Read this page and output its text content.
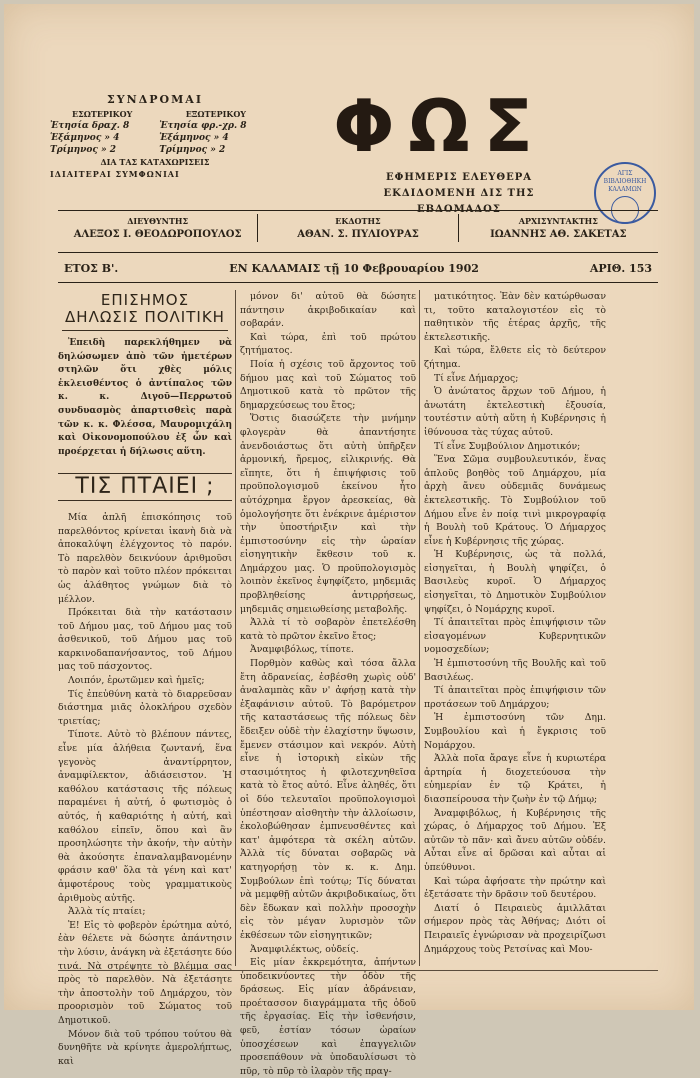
ΣΥΝΔΡΟΜΑΙ
ΕΣΩΤΕΡΙΚΟΥ	ΕΞΩΤΕΡΙΚΟΥ
Ἐτησία δραχ. 8	Ἐτησία φρ.-χρ. 8
Ἑξάμηνος » 4	Ἑξάμηνος » 4
Τρίμηνος » 2	Τρίμηνος » 2
ΔΙΑ ΤΑΣ ΚΑΤΑΧΩΡΙΣΕΙΣ
ΙΔΙΑΙΤΕΡΑΙ ΣΥΜΦΩΝΙΑΙ
ΦΩΣ
ΕΦΗΜΕΡΙΣ ΕΛΕΥΘΕΡΑ
ΕΚΔΙΔΟΜΕΝΗ ΔΙΣ ΤΗΣ ΕΒΔΟΜΑΔΟΣ
ΑΓΙΣ ΒΙΒΛΙΟΘΗΚΗ ΚΑΛΑΜΩΝ
ΔΙΕΥΘΥΝΤΗΣ
ΑΛΕΞΟΣ Ι. ΘΕΟΔΩΡΟΠΟΥΛΟΣ
ΕΚΔΟΤΗΣ
ΑΘΑΝ. Σ. ΠΥΛΙΟΥΡΑΣ
ΑΡΧΙΣΥΝΤΑΚΤΗΣ
ΙΩΑΝΝΗΣ ΑΘ. ΣΑΚΕΤΑΣ
ΕΤΟΣ Β'.	ΕΝ ΚΑΛΑΜΑΙΣ τῇ 10 Φεβρουαρίου 1902	ΑΡΙΘ. 153
ΕΠΙΣΗΜΟΣ ΔΗΛΩΣΙΣ ΠΟΛΙΤΙΚΗ

Ἐπειδὴ παρεκλήθημεν νὰ δηλώσωμεν ἀπὸ τῶν ἡμετέρων στηλῶν ὅτι χθὲς μόλις ἐκλεισθέντος ὁ ἀντίπαλος τῶν κ. κ. Διγοῦ—Περρωτοῦ συνδυασμὸς ἀπαρτισθεὶς παρὰ τῶν κ. κ. Φλέσσα, Μαυρομιχάλη καὶ Οἰκονομοπούλου ἐξ ὧν καὶ προέρχεται ἡ δήλωσις αὕτη.

ΤΙΣ ΠΤΑΙΕΙ ;

Μία ἁπλῆ ἐπισκόπησις τοῦ παρελθόντος κρίνεται ἱκανὴ διὰ νὰ ἀποκαλύψη ἐλέγχοντος τὸ παρόν. Τὸ παρελθὸν δεικνύουν ἀριθμοῦσι τὸ παρὸν καὶ τοῦτο πλέον πρόκειται ὡς ἀλάθητος γνώμων διὰ τὸ μέλλον.

Πρόκειται διὰ τὴν κατάστασιν τοῦ Δήμου μας, τοῦ Δήμου μας τοῦ ἀσθενικοῦ, τοῦ Δήμου μας τοῦ καρκινοδαπανήσαντος, τοῦ Δήμου μας τοῦ πάσχοντος.

Λοιπόν, ἐρωτῶμεν καὶ ἡμεῖς;

Τίς ἐπεὐθύνη κατὰ τὸ διαρρεῦσαν διάστημα μιᾶς ὀλοκλήρου σχεδὸν τριετίας;

Τίποτε. Αὐτὸ τὸ βλέπουν πάντες, εἶνε μία ἀλήθεια ζωντανή, ἕνα γεγονὸς ἀναντίρρητον, ἀναμφίλεκτον, ἀδιάσειστον. Ἡ καθόλου κατάστασις τῆς πόλεως παραμένει ἡ αὐτή, ὁ φωτισμὸς ὁ αὐτός, ἡ καθαριότης ἡ αὐτή, καὶ καθόλου εἰπεῖν, ὅπου καὶ ἂν προσηλώσητε τὴν ἀκοήν, τὴν αὐτὴν θὰ ἀκούσητε ἐπαναλαμβανομένην φράσιν καθ' ὅλα τὰ γένη καὶ κατ' ἀμφοτέρους τοὺς γραμματικοὺς ἀριθμοὺς αὐτῆς.

Ἀλλὰ τίς πταίει;

Ἐ! Εἰς τὸ φοβερὸν ἐρώτημα αὐτό, ἐὰν θέλετε νὰ δώσητε ἀπάντησιν τὴν λύσιν, ἀνάγκη νὰ ἐξετάσητε δύο τινά. Νὰ στρέψητε τὸ βλέμμα σας πρὸς τὸ παρελθὸν. Νὰ ἐξετάσητε τὴν ἀποστολὴν τοῦ Δημάρχου, τὸν προορισμὸν τοῦ Σώματος τοῦ Δημοτικοῦ.

Μόνον διὰ τοῦ τρόπου τούτου θὰ δυνηθῆτε νὰ κρίνητε ἀμερολήπτως, καὶ

μόνον δι' αὐτοῦ θὰ δώσητε πάντησιν ἀκριβοδικαίαν καὶ σοβαράν.

Καὶ τώρα, ἐπὶ τοῦ πρώτου ζητήματος.

Ποία ἡ σχέσις τοῦ ἄρχοντος τοῦ δήμου μας καὶ τοῦ Σώματος τοῦ Δημοτικοῦ κατὰ τὸ πρῶτον τῆς δημαρχεύσεως του ἔτος;

Ὅστις διασώζετε τὴν μνήμην φλογερὰν θὰ ἀπαντήσητε ἀνενδοιάστως ὅτι αὐτὴ ὑπῆρξεν ἀρμονική, ἤρεμος, εἰλικρινής. Θὰ εἴπητε, ὅτι ἡ ἐπιψήφισις τοῦ προϋπολογισμοῦ ἐκείνου ἦτο αὐτόχρημα ἔργον ἀρεσκείας, θὰ ὁμολογήσητε ὅτι ἐνέκρινε ἀμέριστον τὴν ὑποστήριξιν καὶ τὴν ἐμπιστοσύνην εἰς τὴν ὡραίαν εἰσηγητικὴν ἔκθεσιν τοῦ κ. Δημάρχου μας. Ὁ προϋπολογισμὸς λοιπὸν ἐκεῖνος ἐψηφίζετο, μηδεμιᾶς προβληθείσης ἀντιρρήσεως, μηδεμιᾶς σημειωθείσης μεταβολῆς.

Ἀλλὰ τί τὸ σοβαρὸν ἐπετελέσθη κατὰ τὸ πρῶτον ἐκεῖνο ἔτος;

Ἀναμφιβόλως, τίποτε.

Πορθμὸν καθὼς καὶ τόσα ἄλλα ἔτη ἀδρανείας, ἐσβέσθη χωρὶς οὐδ' ἀναλαμπὰς κἂν ν' ἀφήσῃ κατὰ τὴν ἐξαφάνισιν αὐτοῦ. Τὸ βαρόμετρον τῆς καταστάσεως τῆς πόλεως δὲν ἔδειξεν οὐδὲ τὴν ἐλαχίστην ὕψωσιν, ἔμενεν στάσιμον καὶ νεκρόν. Αὐτὴ εἶνε ἡ ἱστορικὴ εἰκὼν τῆς στασιμότητος ἡ φιλοτεχνηθεῖσα κατὰ τὸ ἔτος αὐτό. Εἶνε ἀληθές, ὅτι οἱ δύο τελευταῖοι προϋπολογισμοὶ ὑπέστησαν αἰσθητὴν τὴν ἀλλοίωσιν, ἐκολοβώθησαν ἐμπνευσθέντες καὶ κατ' ἀμφότερα τὰ σκέλη αὐτῶν. Ἀλλὰ τίς δύναται σοβαρῶς νὰ κατηγορήσῃ τὸν κ. κ. Δημ. Συμβούλων ἐπὶ τούτῳ; Τίς δύναται νὰ μεμφθῇ αὐτῶν ἀκριβοδικαίως, ὅτι δὲν ἔδωκαν καὶ πολλὴν προσοχὴν εἰς τὸν μέγαν λυρισμὸν τῶν ἐκθέσεων τῶν εἰσηγητικῶν;

Ἀναμφιλέκτως, οὐδείς.

Εἰς μίαν ἐκκρεμότητα, ἀπήντων ὑποδεικνύοντες τὴν ὁδὸν τῆς δράσεως. Εἰς μίαν ἀδράνειαν, προέτασσον διαγράμματα τῆς ὁδοῦ τῆς ἐργασίας. Εἰς τὴν ἰσθενήσιν, φεῦ, ἐστίαν τόσων ὡραίων ὑποσχέσεων καὶ ἐπαγγελιῶν προσεπάθουν νὰ ὑποδαυλίσωσι τὸ πῦρ, τὸ πῦρ τὸ ἱλαρὸν τῆς πραγ-

ματικότητος. Ἐὰν δὲν κατώρθωσαν τι, τοῦτο καταλογιστέον εἰς τὸ παθητικὸν τῆς ἑτέρας ἀρχῆς, τῆς ἐκτελεστικῆς.

Καὶ τώρα, ἔλθετε εἰς τὸ δεύτερον ζήτημα.

Τί εἶνε Δήμαρχος;

Ὁ ἀνώτατος ἄρχων τοῦ Δήμου, ἡ ἀνωτάτη ἐκτελεστικὴ ἐξουσία, τουτέστιν αὐτὴ αὕτη ἡ Κυβέρνησις ἡ ἰθύνουσα τὰς τύχας αὐτοῦ.

Τί εἶνε Συμβούλιον Δημοτικόν;

Ἕνα Σῶμα συμβουλευτικόν, ἕνας ἁπλοῦς βοηθὸς τοῦ Δημάρχου, μία ἀρχὴ ἄνευ οὐδεμιᾶς δυνάμεως ἐκτελεστικῆς. Τὸ Συμβούλιον τοῦ Δήμου εἶνε ἐν ποίᾳ τινὶ μικρογραφίᾳ ἡ Βουλὴ τοῦ Κράτους. Ὁ Δήμαρχος εἶνε ἡ Κυβέρνησις τῆς χώρας.

Ἡ Κυβέρνησις, ὡς τὰ πολλά, εἰσηγεῖται, ἡ Βουλὴ ψηφίζει, ὁ Βασιλεὺς κυροῖ. Ὁ Δήμαρχος εἰσηγεῖται, τὸ Δημοτικὸν Συμβούλιον ψηφίζει, ὁ Νομάρχης κυροῖ.

Τί ἀπαιτεῖται πρὸς ἐπιψήφισιν τῶν εἰσαγομένων Κυβερνητικῶν νομοσχεδίων;

Ἡ ἐμπιστοσύνη τῆς Βουλῆς καὶ τοῦ Βασιλέως.

Τί ἀπαιτεῖται πρὸς ἐπιψήφισιν τῶν προτάσεων τοῦ Δημάρχου;

Ἡ ἐμπιστοσύνη τῶν Δημ. Συμβουλίου καὶ ἡ ἔγκρισις τοῦ Νομάρχου.

Ἀλλὰ ποῖα ἄραγε εἶνε ἡ κυριωτέρα ἀρτηρία ἡ διοχετεύουσα τὴν εὐημερίαν ἐν τῷ Κράτει, ἡ διασπείρουσα τὴν ζωὴν ἐν τῷ Δήμῳ;

Ἀναμφιβόλως, ἡ Κυβέρνησις τῆς χώρας, ὁ Δήμαρχος τοῦ Δήμου. Ἐξ αὐτῶν τὸ πᾶν· καὶ ἄνευ αὐτῶν οὐδέν. Αὗται εἶνε αἱ δρῶσαι καὶ αὗται αἱ ὑπεύθυνοι.

Καὶ τώρα ἀφήσατε τὴν πρώτην καὶ ἐξετάσατε τὴν δρᾶσιν τοῦ δευτέρου.

Διατί ὁ Πειραιεὺς ἁμιλλᾶται σήμερον πρὸς τὰς Ἀθήνας; Διότι οἱ Πειραιεῖς ἐγνώρισαν νὰ προχειρίζωσι Δημάρχους τοὺς Ρετσίνας καὶ Μου-
